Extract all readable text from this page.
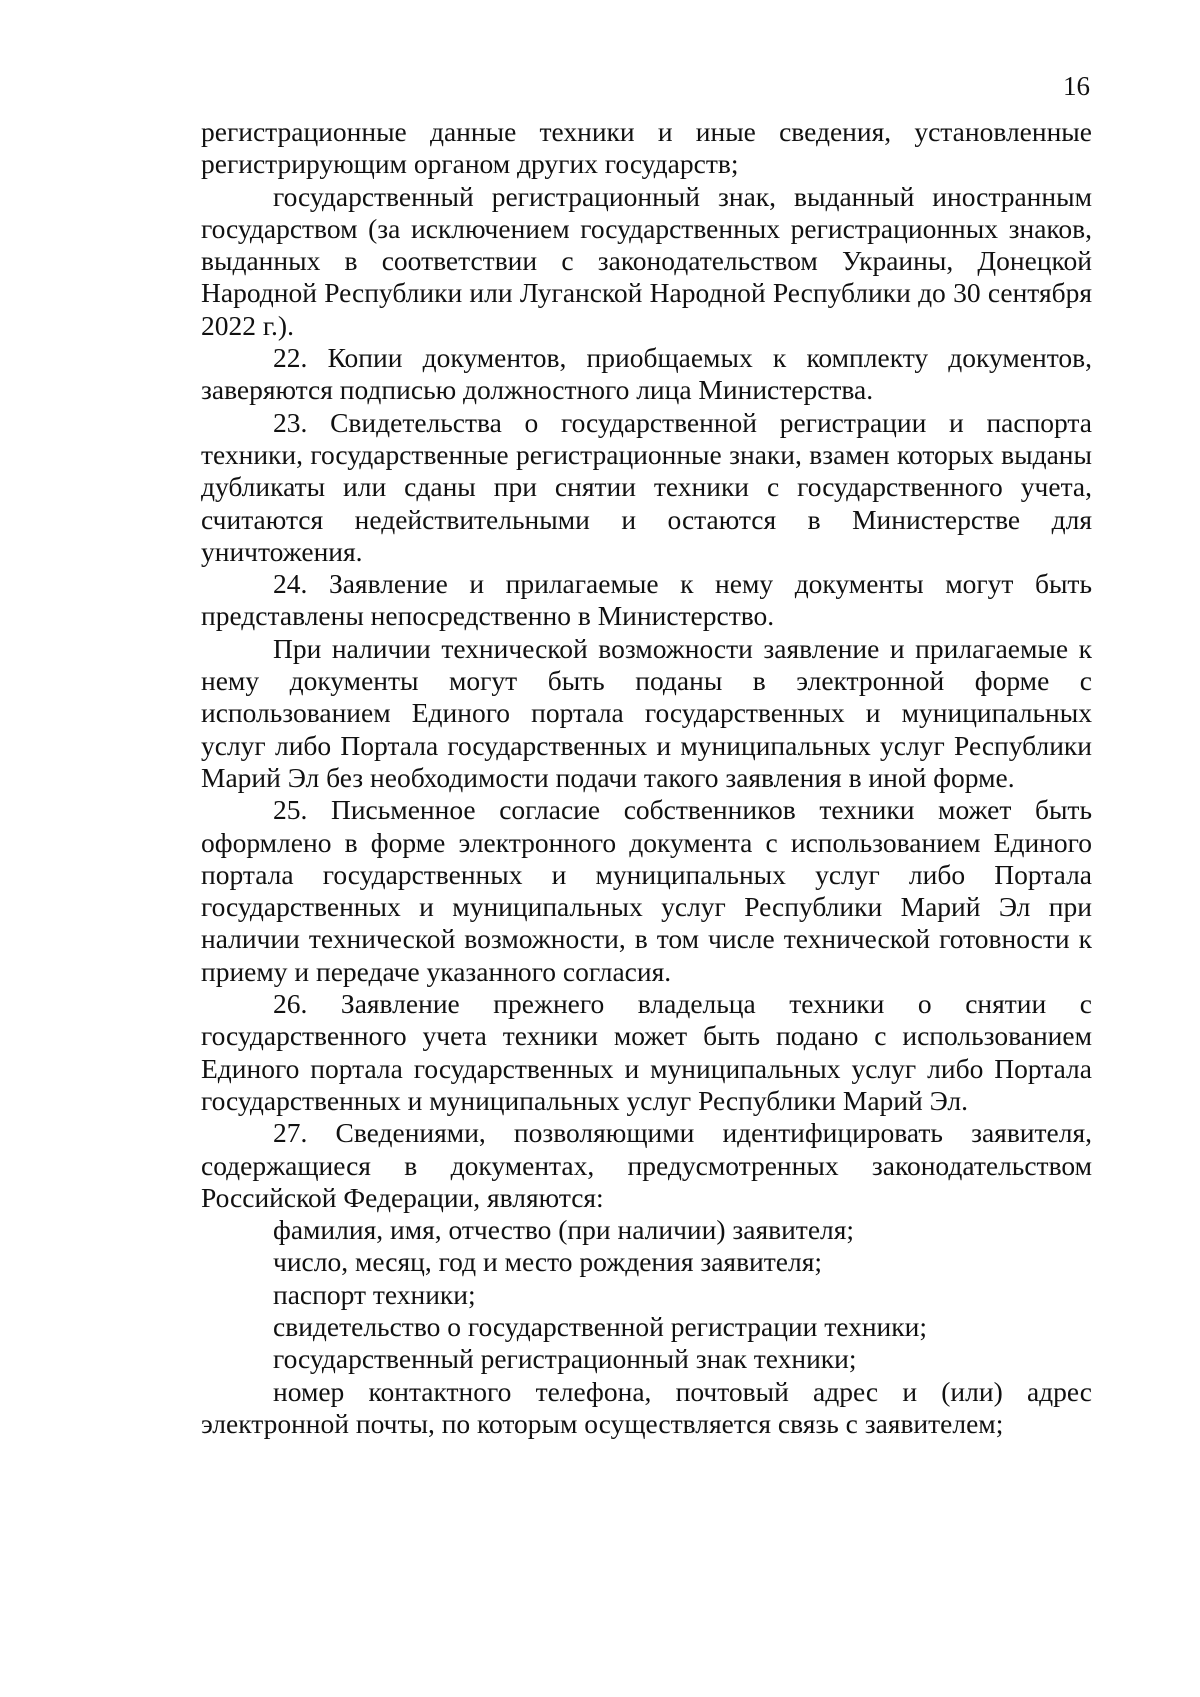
16

регистрационные данные техники и иные сведения, установленные регистрирующим органом других государств;

государственный регистрационный знак, выданный иностранным государством (за исключением государственных регистрационных знаков, выданных в соответствии с законодательством Украины, Донецкой Народной Республики или Луганской Народной Республики до 30 сентября 2022 г.).

22. Копии документов, приобщаемых к комплекту документов, заверяются подписью должностного лица Министерства.

23. Свидетельства о государственной регистрации и паспорта техники, государственные регистрационные знаки, взамен которых выданы дубликаты или сданы при снятии техники с государственного учета, считаются недействительными и остаются в Министерстве для уничтожения.

24. Заявление и прилагаемые к нему документы могут быть представлены непосредственно в Министерство.

При наличии технической возможности заявление и прилагаемые к нему документы могут быть поданы в электронной форме с использованием Единого портала государственных и муниципальных услуг либо Портала государственных и муниципальных услуг Республики Марий Эл без необходимости подачи такого заявления в иной форме.

25. Письменное согласие собственников техники может быть оформлено в форме электронного документа с использованием Единого портала государственных и муниципальных услуг либо Портала государственных и муниципальных услуг Республики Марий Эл при наличии технической возможности, в том числе технической готовности к приему и передаче указанного согласия.

26. Заявление прежнего владельца техники о снятии с государственного учета техники может быть подано с использованием Единого портала государственных и муниципальных услуг либо Портала государственных и муниципальных услуг Республики Марий Эл.

27. Сведениями, позволяющими идентифицировать заявителя, содержащиеся в документах, предусмотренных законодательством Российской Федерации, являются:

фамилия, имя, отчество (при наличии) заявителя;

число, месяц, год и место рождения заявителя;

паспорт техники;

свидетельство о государственной регистрации техники;

государственный регистрационный знак техники;

номер контактного телефона, почтовый адрес и (или) адрес электронной почты, по которым осуществляется связь с заявителем;
